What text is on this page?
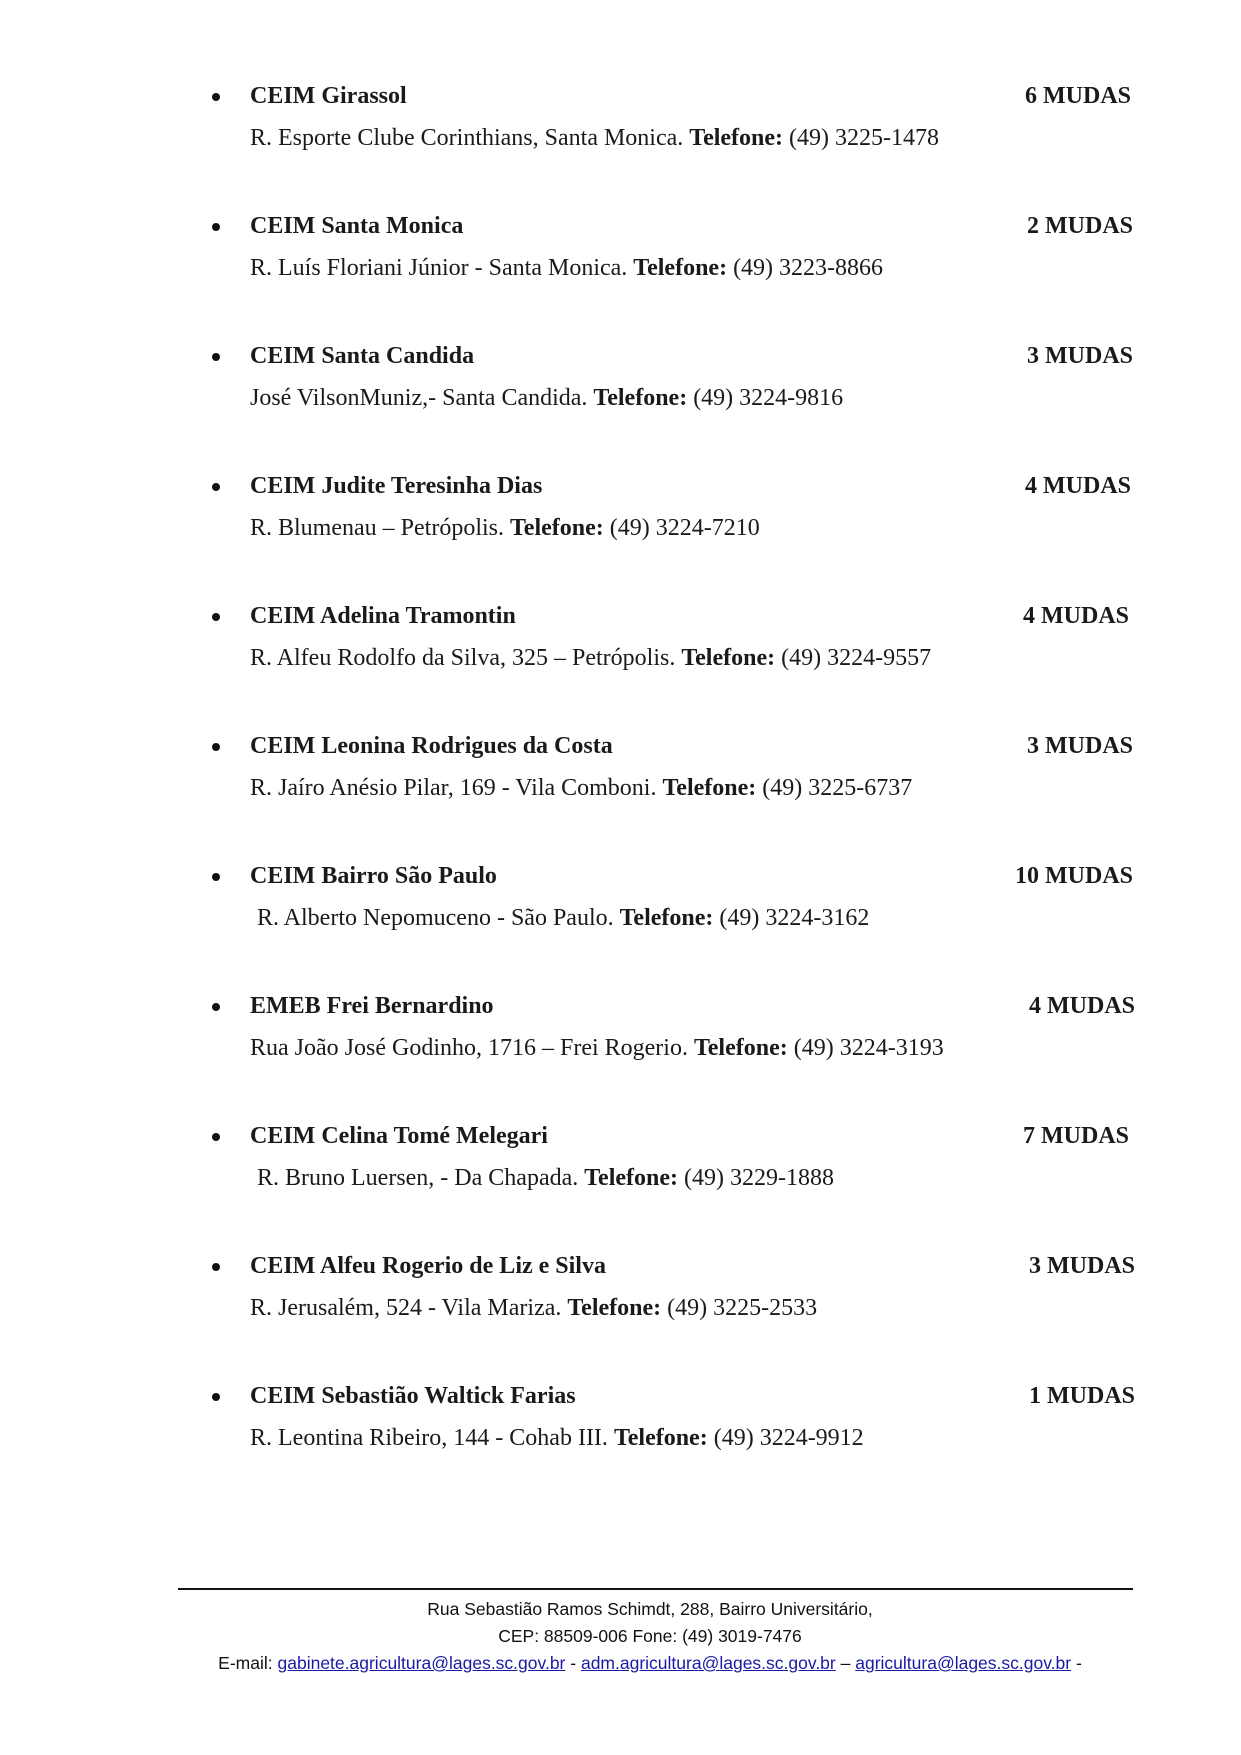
CEIM Girassol	6 MUDAS
R. Esporte Clube Corinthians, Santa Monica. Telefone: (49) 3225-1478
CEIM Santa Monica	2 MUDAS
R. Luís Floriani Júnior - Santa Monica. Telefone: (49) 3223-8866
CEIM Santa Candida	3 MUDAS
José VilsonMuniz,- Santa Candida. Telefone: (49) 3224-9816
CEIM Judite Teresinha Dias	4 MUDAS
R. Blumenau – Petrópolis. Telefone: (49) 3224-7210
CEIM Adelina Tramontin	4 MUDAS
R. Alfeu Rodolfo da Silva, 325 – Petrópolis. Telefone: (49) 3224-9557
CEIM Leonina Rodrigues da Costa	3 MUDAS
R. Jaíro Anésio Pilar, 169 - Vila Comboni. Telefone: (49) 3225-6737
CEIM Bairro São Paulo	10 MUDAS
R. Alberto Nepomuceno - São Paulo. Telefone: (49) 3224-3162
EMEB Frei Bernardino	4 MUDAS
Rua João José Godinho, 1716 – Frei Rogerio. Telefone: (49) 3224-3193
CEIM Celina Tomé Melegari	7 MUDAS
R. Bruno Luersen, - Da Chapada. Telefone: (49) 3229-1888
CEIM Alfeu Rogerio de Liz e Silva	3 MUDAS
R. Jerusalém, 524 - Vila Mariza. Telefone: (49) 3225-2533
CEIM Sebastião Waltick Farias	1 MUDAS
R. Leontina Ribeiro, 144 - Cohab III. Telefone: (49) 3224-9912
Rua Sebastião Ramos Schimdt, 288, Bairro Universitário,
CEP: 88509-006 Fone: (49) 3019-7476
E-mail: gabinete.agricultura@lages.sc.gov.br - adm.agricultura@lages.sc.gov.br – agricultura@lages.sc.gov.br -
